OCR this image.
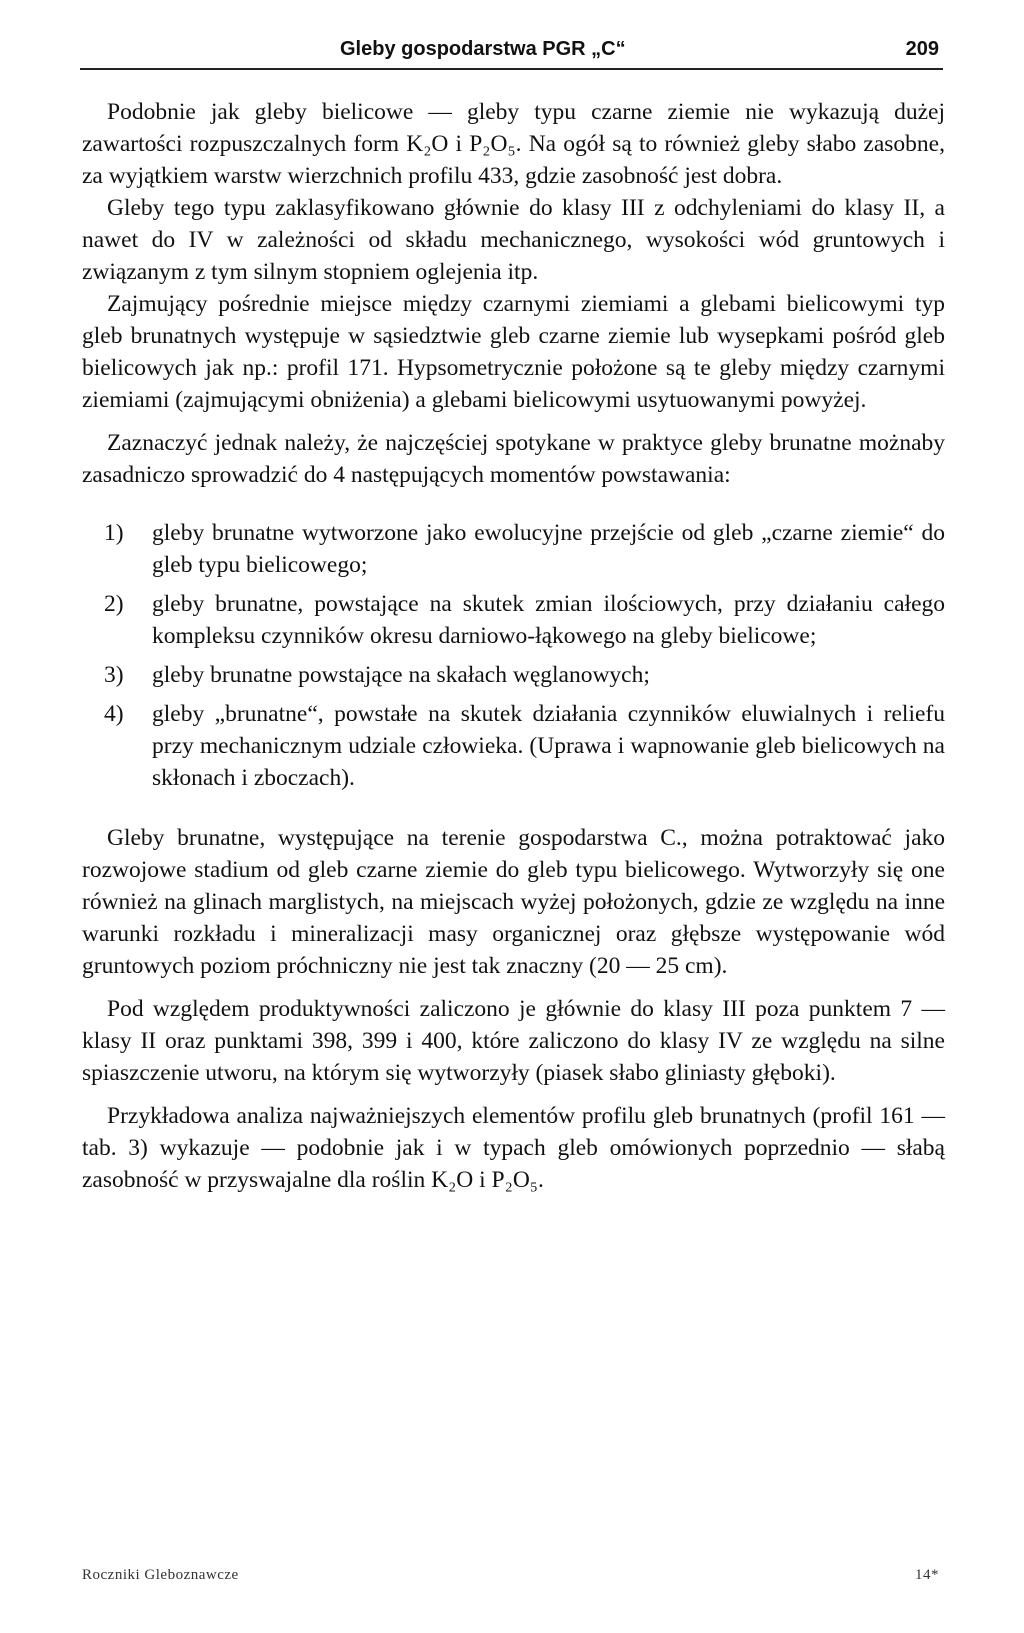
Gleby gospodarstwa PGR „C“	209

Podobnie jak gleby bielicowe — gleby typu czarne ziemie nie wykazują dużej zawartości rozpuszczalnych form K₂O i P₂O₅. Na ogół są to również gleby słabo zasobne, za wyjątkiem warstw wierzchnich profilu 433, gdzie zasobność jest dobra.

Gleby tego typu zaklasyfikowano głównie do klasy III z odchyleniami do klasy II, a nawet do IV w zależności od składu mechanicznego, wysokości wód gruntowych i związanym z tym silnym stopniem oglejenia itp.

Zajmujący pośrednie miejsce między czarnymi ziemiami a glebami bielicowymi typ gleb brunatnych występuje w sąsiedztwie gleb czarne ziemie lub wysepkami pośród gleb bielicowych jak np.: profil 171. Hypsometrycznie położone są te gleby między czarnymi ziemiami (zajmującymi obniżenia) a glebami bielicowymi usytuowanymi powyżej.

Zaznaczyć jednak należy, że najczęściej spotykane w praktyce gleby brunatne możnaby zasadniczo sprowadzić do 4 następujących momentów powstawania:

1)	gleby brunatne wytworzone jako ewolucyjne przejście od gleb „czarne ziemie“ do gleb typu bielicowego;
2)	gleby brunatne, powstające na skutek zmian ilościowych, przy działaniu całego kompleksu czynników okresu darniowo-łąkowego na gleby bielicowe;
3)	gleby brunatne powstające na skałach węglanowych;
4)	gleby „brunatne“, powstałe na skutek działania czynników eluwialnych i reliefu przy mechanicznym udziale człowieka. (Uprawa i wapnowanie gleb bielicowych na skłonach i zboczach).

Gleby brunatne, występujące na terenie gospodarstwa C., można potraktować jako rozwojowe stadium od gleb czarne ziemie do gleb typu bielicowego. Wytworzyły się one również na glinach marglistych, na miejscach wyżej położonych, gdzie ze względu na inne warunki rozkładu i mineralizacji masy organicznej oraz głębsze występowanie wód gruntowych poziom próchniczny nie jest tak znaczny (20 — 25 cm).

Pod względem produktywności zaliczono je głównie do klasy III poza punktem 7 — klasy II oraz punktami 398, 399 i 400, które zaliczono do klasy IV ze względu na silne spiaszczenie utworu, na którym się wytworzyły (piasek słabo gliniasty głęboki).

Przykładowa analiza najważniejszych elementów profilu gleb brunatnych (profil 161 — tab. 3) wykazuje — podobnie jak i w typach gleb omówionych poprzednio — słabą zasobność w przyswajalne dla roślin K₂O i P₂O₅.

Roczniki Gleboznawcze	14*
